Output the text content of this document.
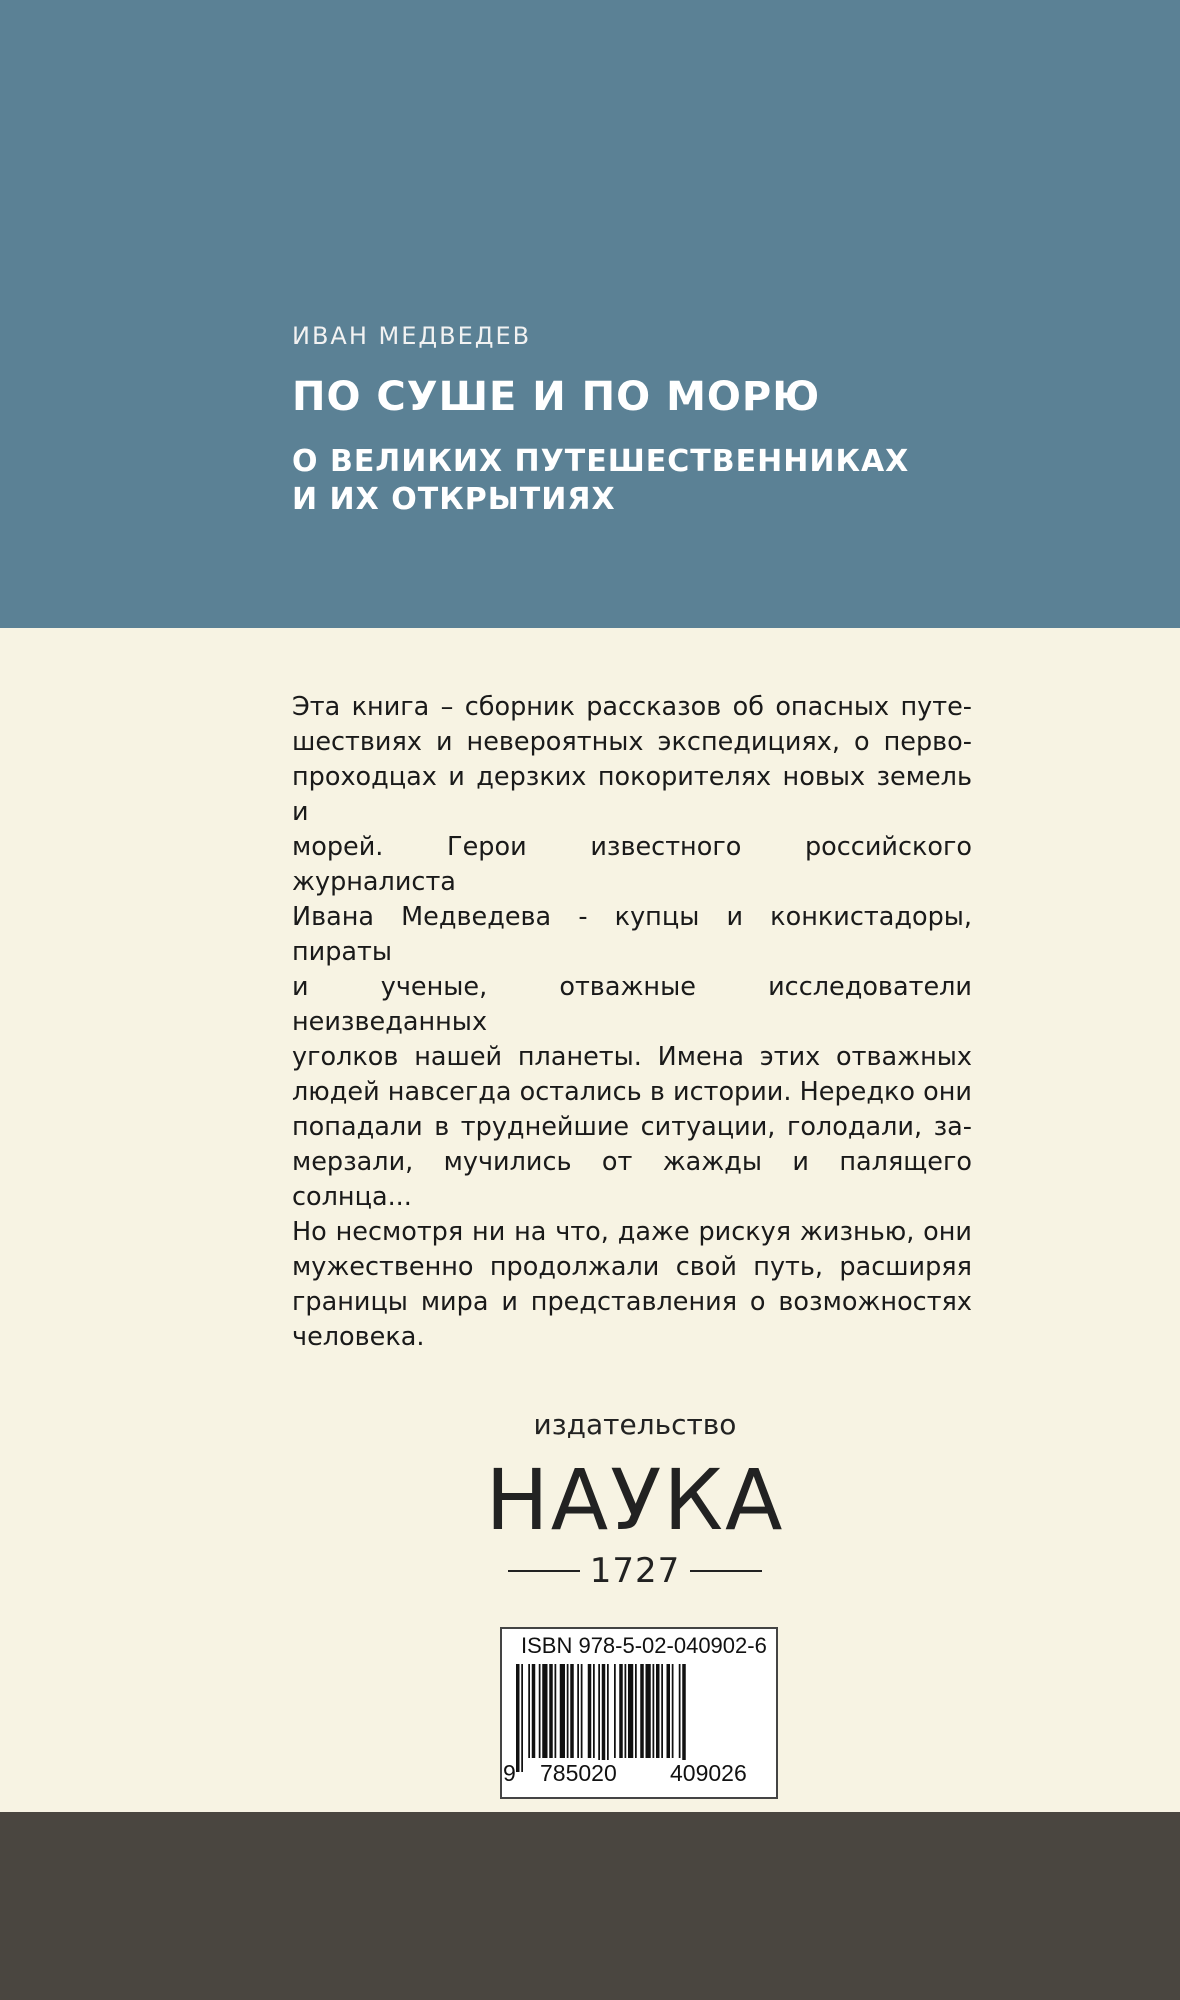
ИВАН МЕДВЕДЕВ
ПО СУШЕ И ПО МОРЮ
О ВЕЛИКИХ ПУТЕШЕСТВЕННИКАХ
И ИХ ОТКРЫТИЯХ
Эта книга – сборник рассказов об опасных путе-
шествиях и невероятных экспедициях, о перво-
проходцах и дерзких покорителях новых земель и
морей. Герои известного российского журналиста
Ивана Медведева - купцы и конкистадоры, пираты
и ученые, отважные исследователи неизведанных
уголков нашей планеты. Имена этих отважных
людей навсегда остались в истории. Нередко они
попадали в труднейшие ситуации, голодали, за-
мерзали, мучились от жажды и палящего солнца...
Но несмотря ни на что, даже рискуя жизнью, они
мужественно продолжали свой путь, расширяя
границы мира и представления о возможностях
человека.
издательство
НАУКА
1727
ISBN 978-5-02-040902-6
9 785020 409026
